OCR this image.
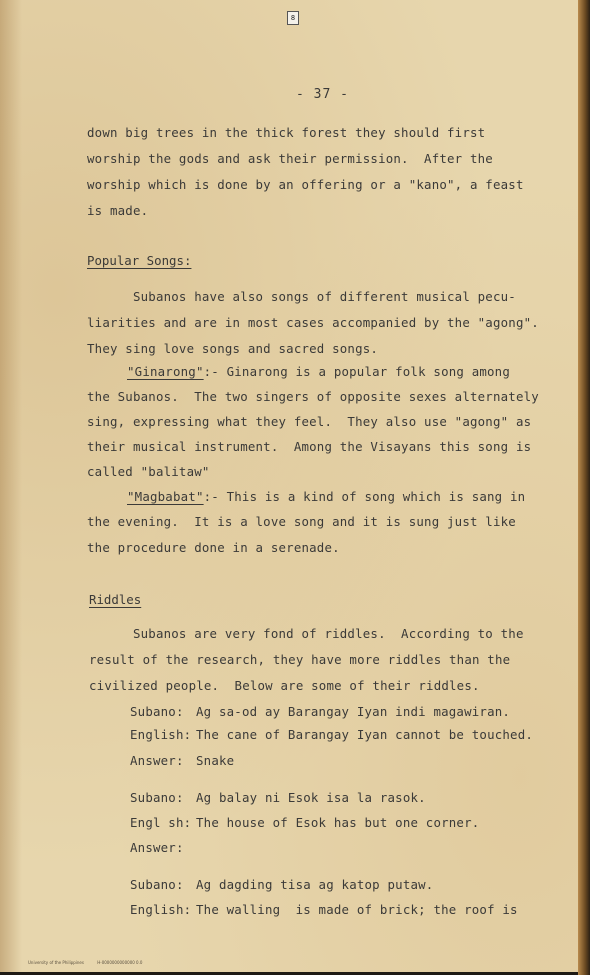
8
- 37 -
down big trees in the thick forest they should first
worship the gods and ask their permission.  After the
worship which is done by an offering or a "kano", a feast
is made.
Popular Songs:
Subanos have also songs of different musical pecu-
liarities and are in most cases accompanied by the "agong".
They sing love songs and sacred songs.
"Ginarong":- Ginarong is a popular folk song among
the Subanos.  The two singers of opposite sexes alternately
sing, expressing what they feel.  They also use "agong" as
their musical instrument.  Among the Visayans this song is
called "balitaw"
"Magbabat":- This is a kind of song which is sang in
the evening.  It is a love song and it is sung just like
the procedure done in a serenade.
Riddles
Subanos are very fond of riddles.  According to the
result of the research, they have more riddles than the
civilized people.  Below are some of their riddles.
Subano: Ag sa-od ay Barangay Iyan indi magawiran.
English: The cane of Barangay Iyan cannot be touched.
Answer: Snake
Subano: Ag balay ni Esok isa la rasok.
Engl sh: The house of Esok has but one corner.
Answer:
Subano: Ag dagding tisa ag katop putaw.
English: The walling  is made of brick; the roof is
University of the Philippines	H-0000000000000 0.0
